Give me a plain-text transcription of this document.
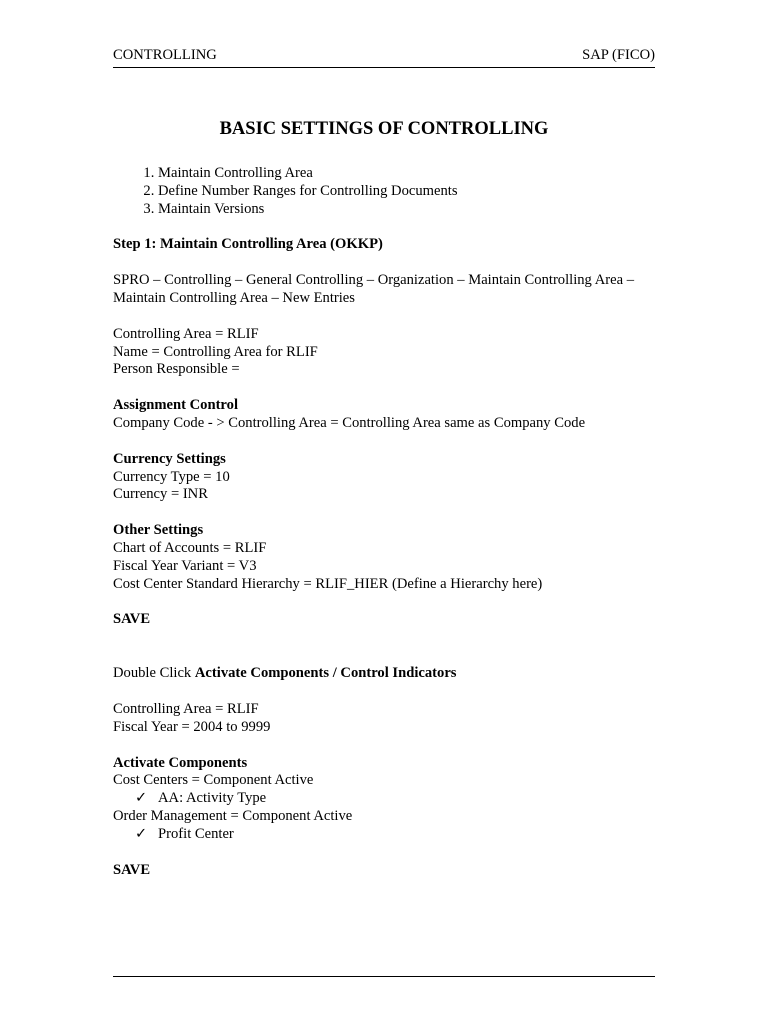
CONTROLLING	SAP (FICO)
BASIC SETTINGS OF CONTROLLING
1. Maintain Controlling Area
2. Define Number Ranges for Controlling Documents
3. Maintain Versions
Step 1: Maintain Controlling Area (OKKP)
SPRO – Controlling – General Controlling – Organization – Maintain Controlling Area – Maintain Controlling Area – New Entries
Controlling Area = RLIF
Name = Controlling Area for RLIF
Person Responsible =
Assignment Control
Company Code - > Controlling Area = Controlling Area same as Company Code
Currency Settings
Currency Type = 10
Currency = INR
Other Settings
Chart of Accounts = RLIF
Fiscal Year Variant = V3
Cost Center Standard Hierarchy = RLIF_HIER (Define a Hierarchy here)
SAVE
Double Click Activate Components / Control Indicators
Controlling Area = RLIF
Fiscal Year = 2004 to 9999
Activate Components
Cost Centers = Component Active
✓ AA: Activity Type
Order Management = Component Active
✓ Profit Center
SAVE
